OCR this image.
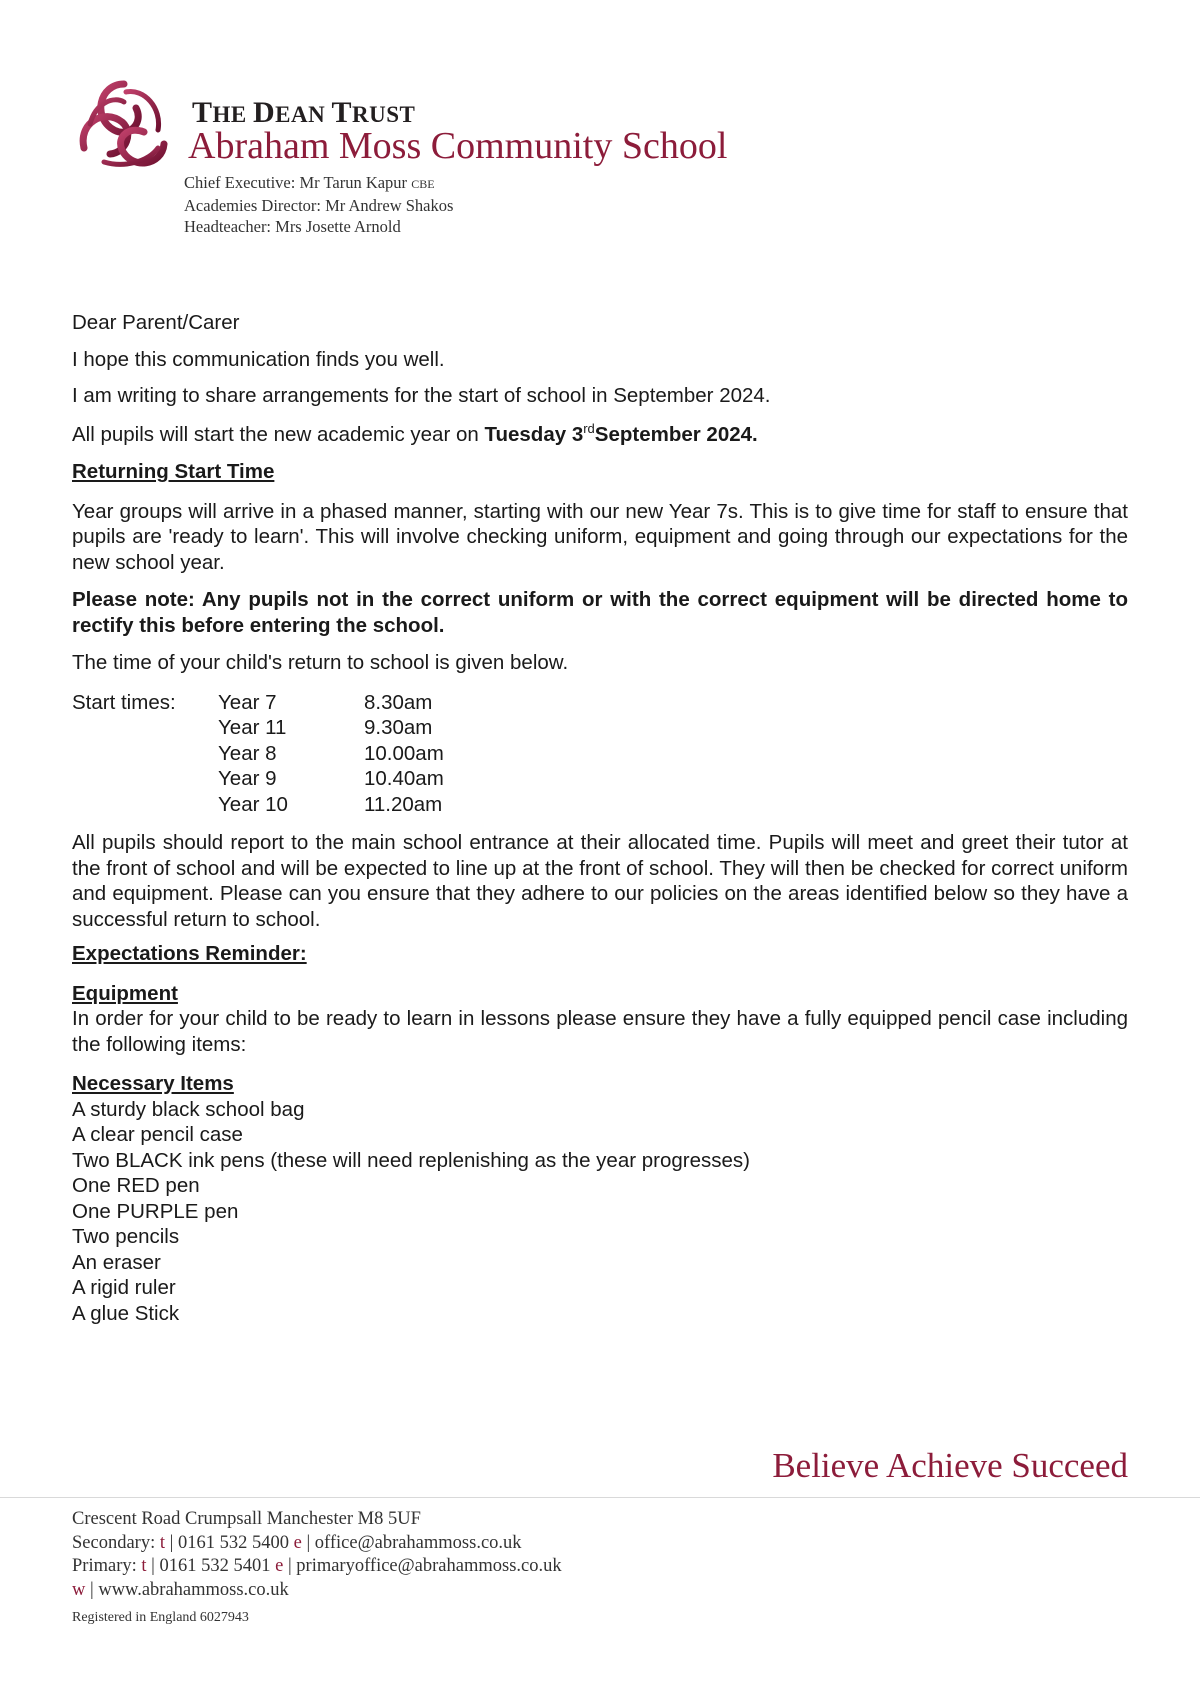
THE DEAN TRUST
Abraham Moss Community School
Chief Executive: Mr Tarun Kapur CBE
Academies Director: Mr Andrew Shakos
Headteacher: Mrs Josette Arnold

Dear Parent/Carer

I hope this communication finds you well.

I am writing to share arrangements for the start of school in September 2024.

All pupils will start the new academic year on Tuesday 3rdSeptember 2024.

Returning Start Time

Year groups will arrive in a phased manner, starting with our new Year 7s. This is to give time for staff to ensure that pupils are 'ready to learn'. This will involve checking uniform, equipment and going through our expectations for the new school year.

Please note: Any pupils not in the correct uniform or with the correct equipment will be directed home to rectify this before entering the school.

The time of your child's return to school is given below.

Start times:	Year 7	8.30am
Year 11	9.30am
Year 8	10.00am
Year 9	10.40am
Year 10	11.20am

All pupils should report to the main school entrance at their allocated time. Pupils will meet and greet their tutor at the front of school and will be expected to line up at the front of school. They will then be checked for correct uniform and equipment. Please can you ensure that they adhere to our policies on the areas identified below so they have a successful return to school.

Expectations Reminder:

Equipment

In order for your child to be ready to learn in lessons please ensure they have a fully equipped pencil case including the following items:

Necessary Items

A sturdy black school bag
A clear pencil case
Two BLACK ink pens (these will need replenishing as the year progresses)
One RED pen
One PURPLE pen
Two pencils
An eraser
A rigid ruler
A glue Stick
Believe Achieve Succeed
Crescent Road Crumpsall Manchester M8 5UF
Secondary: t | 0161 532 5400 e | office@abrahammoss.co.uk
Primary: t | 0161 532 5401 e | primaryoffice@abrahammoss.co.uk
w | www.abrahammoss.co.uk
Registered in England 6027943
